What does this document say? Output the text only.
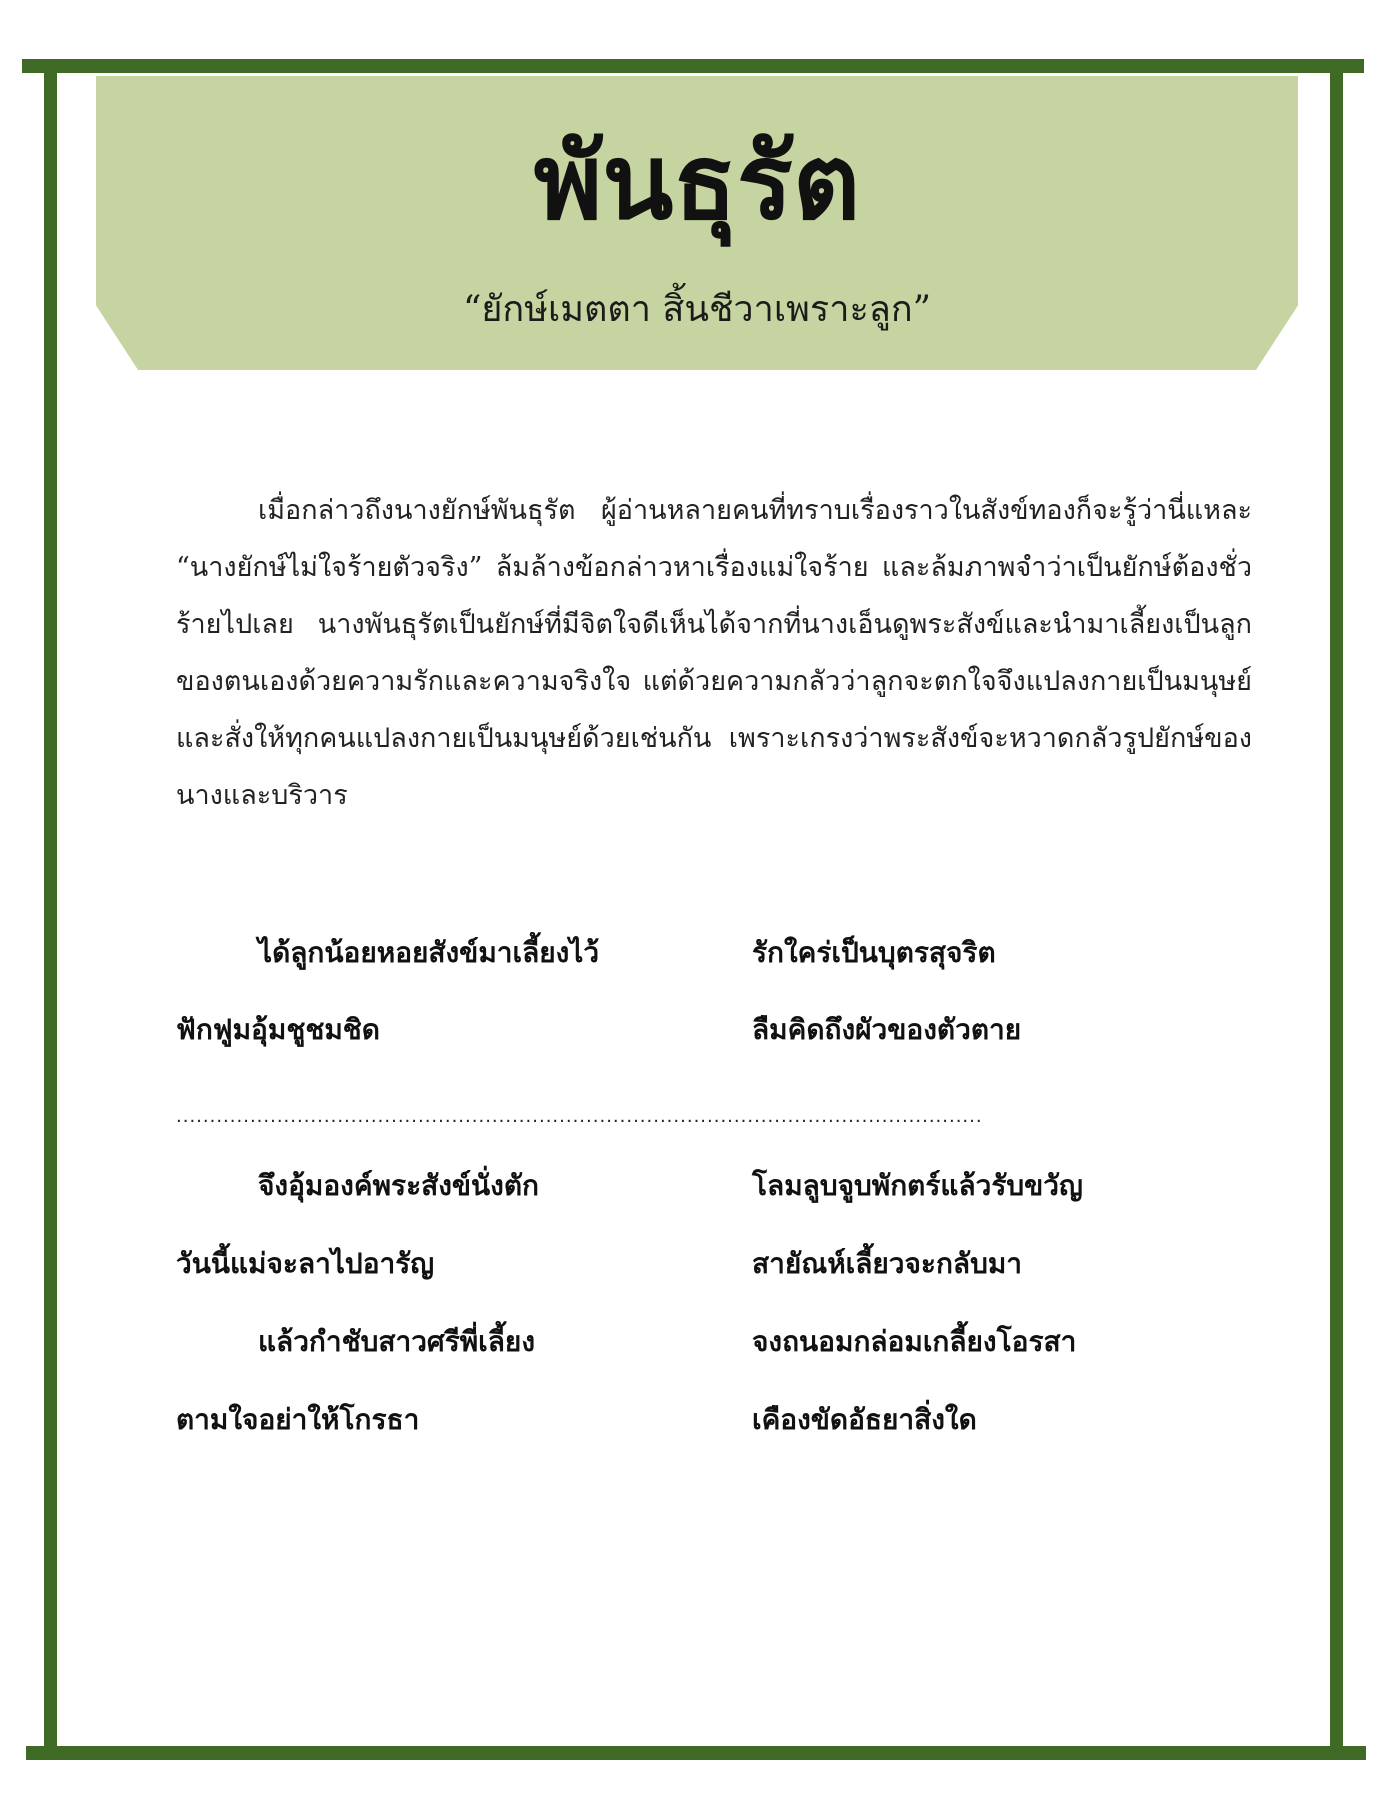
พันธุรัต
“ยักษ์เมตตา สิ้นชีวาเพราะลูก”

เมื่อกล่าวถึงนางยักษ์พันธุรัต ผู้อ่านหลายคนที่ทราบเรื่องราวในสังข์ทองก็จะรู้ว่านี่แหละ “นางยักษ์ไม่ใจร้ายตัวจริง” ล้มล้างข้อกล่าวหาเรื่องแม่ใจร้าย และล้มภาพจำว่าเป็นยักษ์ต้องชั่วร้ายไปเลย นางพันธุรัตเป็นยักษ์ที่มีจิตใจดีเห็นได้จากที่นางเอ็นดูพระสังข์และนำมาเลี้ยงเป็นลูกของตนเองด้วยความรักและความจริงใจ แต่ด้วยความกลัวว่าลูกจะตกใจจึงแปลงกายเป็นมนุษย์และสั่งให้ทุกคนแปลงกายเป็นมนุษย์ด้วยเช่นกัน เพราะเกรงว่าพระสังข์จะหวาดกลัวรูปยักษ์ของนางและบริวาร

ได้ลูกน้อยหอยสังข์มาเลี้ยงไว้	รักใคร่เป็นบุตรสุจริต
ฟักฟูมอุ้มชูชมชิด	ลืมคิดถึงผัวของตัวตาย
........................................................................................................................
จึงอุ้มองค์พระสังข์นั่งตัก	โลมลูบจูบพักตร์แล้วรับขวัญ
วันนี้แม่จะลาไปอารัญ	สายัณห์เลี้ยวจะกลับมา
แล้วกำชับสาวศรีพี่เลี้ยง	จงถนอมกล่อมเกลี้ยงโอรสา
ตามใจอย่าให้โกรธา	เคืองขัดอัธยาสิ่งใด
